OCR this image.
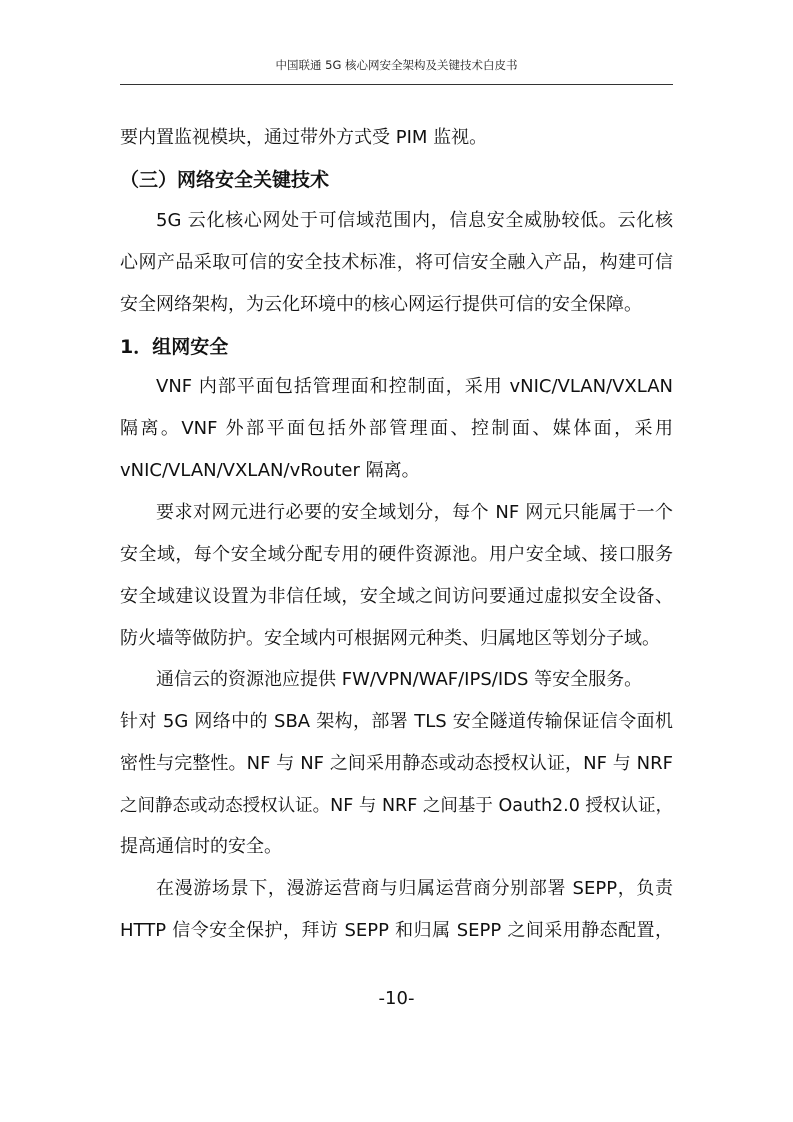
中国联通 5G 核心网安全架构及关键技术白皮书
要内置监视模块，通过带外方式受 PIM 监视。
（三）网络安全关键技术
5G 云化核心网处于可信域范围内，信息安全威胁较低。云化核
心网产品采取可信的安全技术标准，将可信安全融入产品，构建可信
安全网络架构，为云化环境中的核心网运行提供可信的安全保障。
1．组网安全
VNF 内部平面包括管理面和控制面，采用 vNIC/VLAN/VXLAN
隔离。VNF 外部平面包括外部管理面、控制面、媒体面，采用
vNIC/VLAN/VXLAN/vRouter 隔离。
要求对网元进行必要的安全域划分，每个 NF 网元只能属于一个
安全域，每个安全域分配专用的硬件资源池。用户安全域、接口服务
安全域建议设置为非信任域，安全域之间访问要通过虚拟安全设备、
防火墙等做防护。安全域内可根据网元种类、归属地区等划分子域。
通信云的资源池应提供 FW/VPN/WAF/IPS/IDS 等安全服务。
针对 5G 网络中的 SBA 架构，部署 TLS 安全隧道传输保证信令面机
密性与完整性。NF 与 NF 之间采用静态或动态授权认证，NF 与 NRF
之间静态或动态授权认证。NF 与 NRF 之间基于 Oauth2.0 授权认证，
提高通信时的安全。
在漫游场景下，漫游运营商与归属运营商分别部署 SEPP，负责
HTTP 信令安全保护，拜访 SEPP 和归属 SEPP 之间采用静态配置，
-10-
